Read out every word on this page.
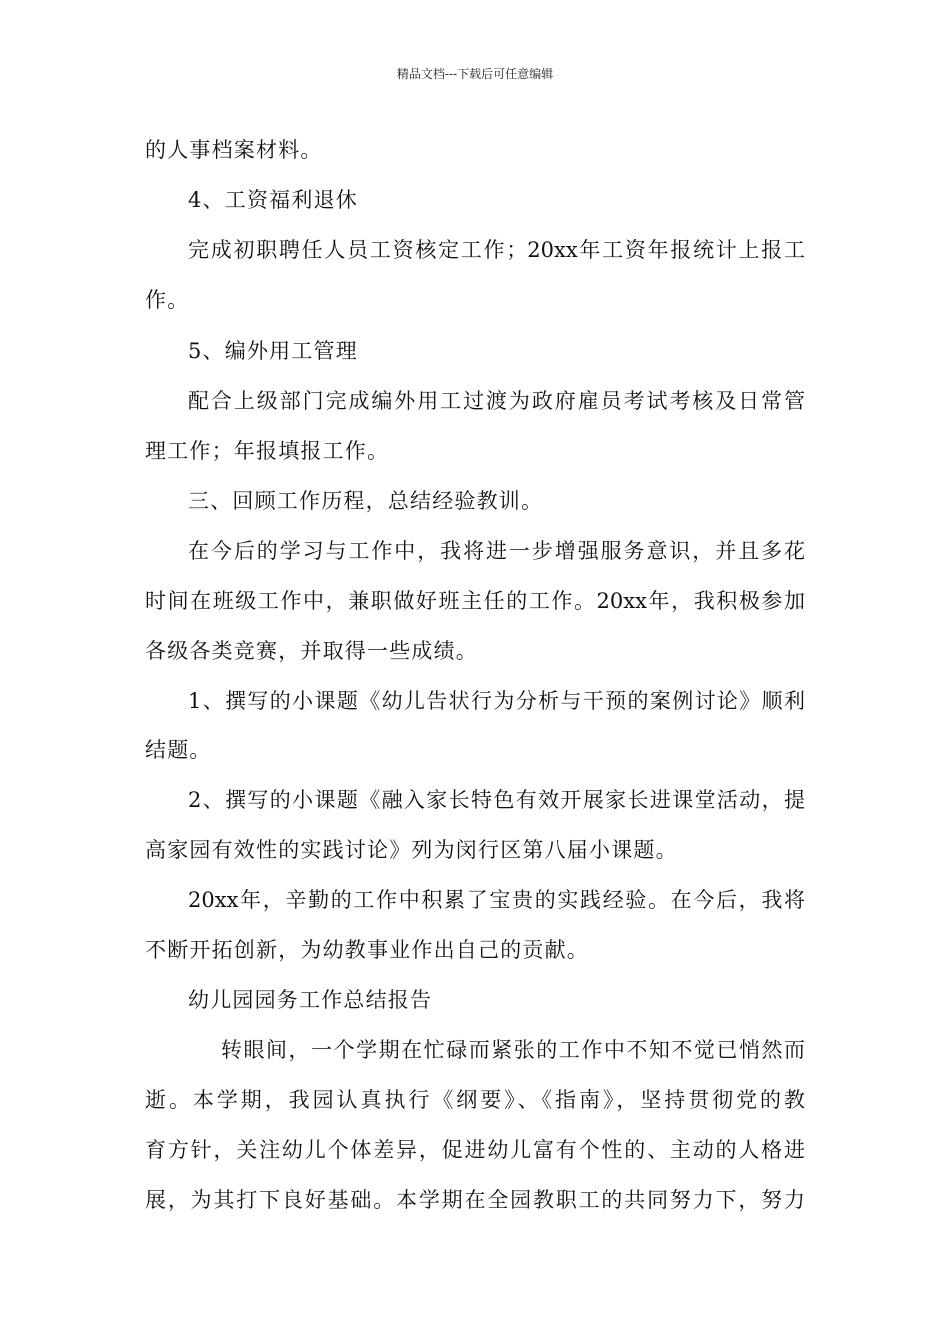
精品文档---下载后可任意编辑
的人事档案材料。
4、工资福利退休
完成初职聘任人员工资核定工作；20xx年工资年报统计上报工
作。
5、编外用工管理
配合上级部门完成编外用工过渡为政府雇员考试考核及日常管
理工作；年报填报工作。
三、回顾工作历程，总结经验教训。
在今后的学习与工作中，我将进一步增强服务意识，并且多花
时间在班级工作中，兼职做好班主任的工作。20xx年，我积极参加
各级各类竞赛，并取得一些成绩。
1、撰写的小课题《幼儿告状行为分析与干预的案例讨论》顺利
结题。
2、撰写的小课题《融入家长特色有效开展家长进课堂活动，提
高家园有效性的实践讨论》列为闵行区第八届小课题。
20xx年，辛勤的工作中积累了宝贵的实践经验。在今后，我将
不断开拓创新，为幼教事业作出自己的贡献。
幼儿园园务工作总结报告
转眼间，一个学期在忙碌而紧张的工作中不知不觉已悄然而
逝。本学期，我园认真执行《纲要》、《指南》，坚持贯彻党的教
育方针，关注幼儿个体差异，促进幼儿富有个性的、主动的人格进
展，为其打下良好基础。本学期在全园教职工的共同努力下，努力
